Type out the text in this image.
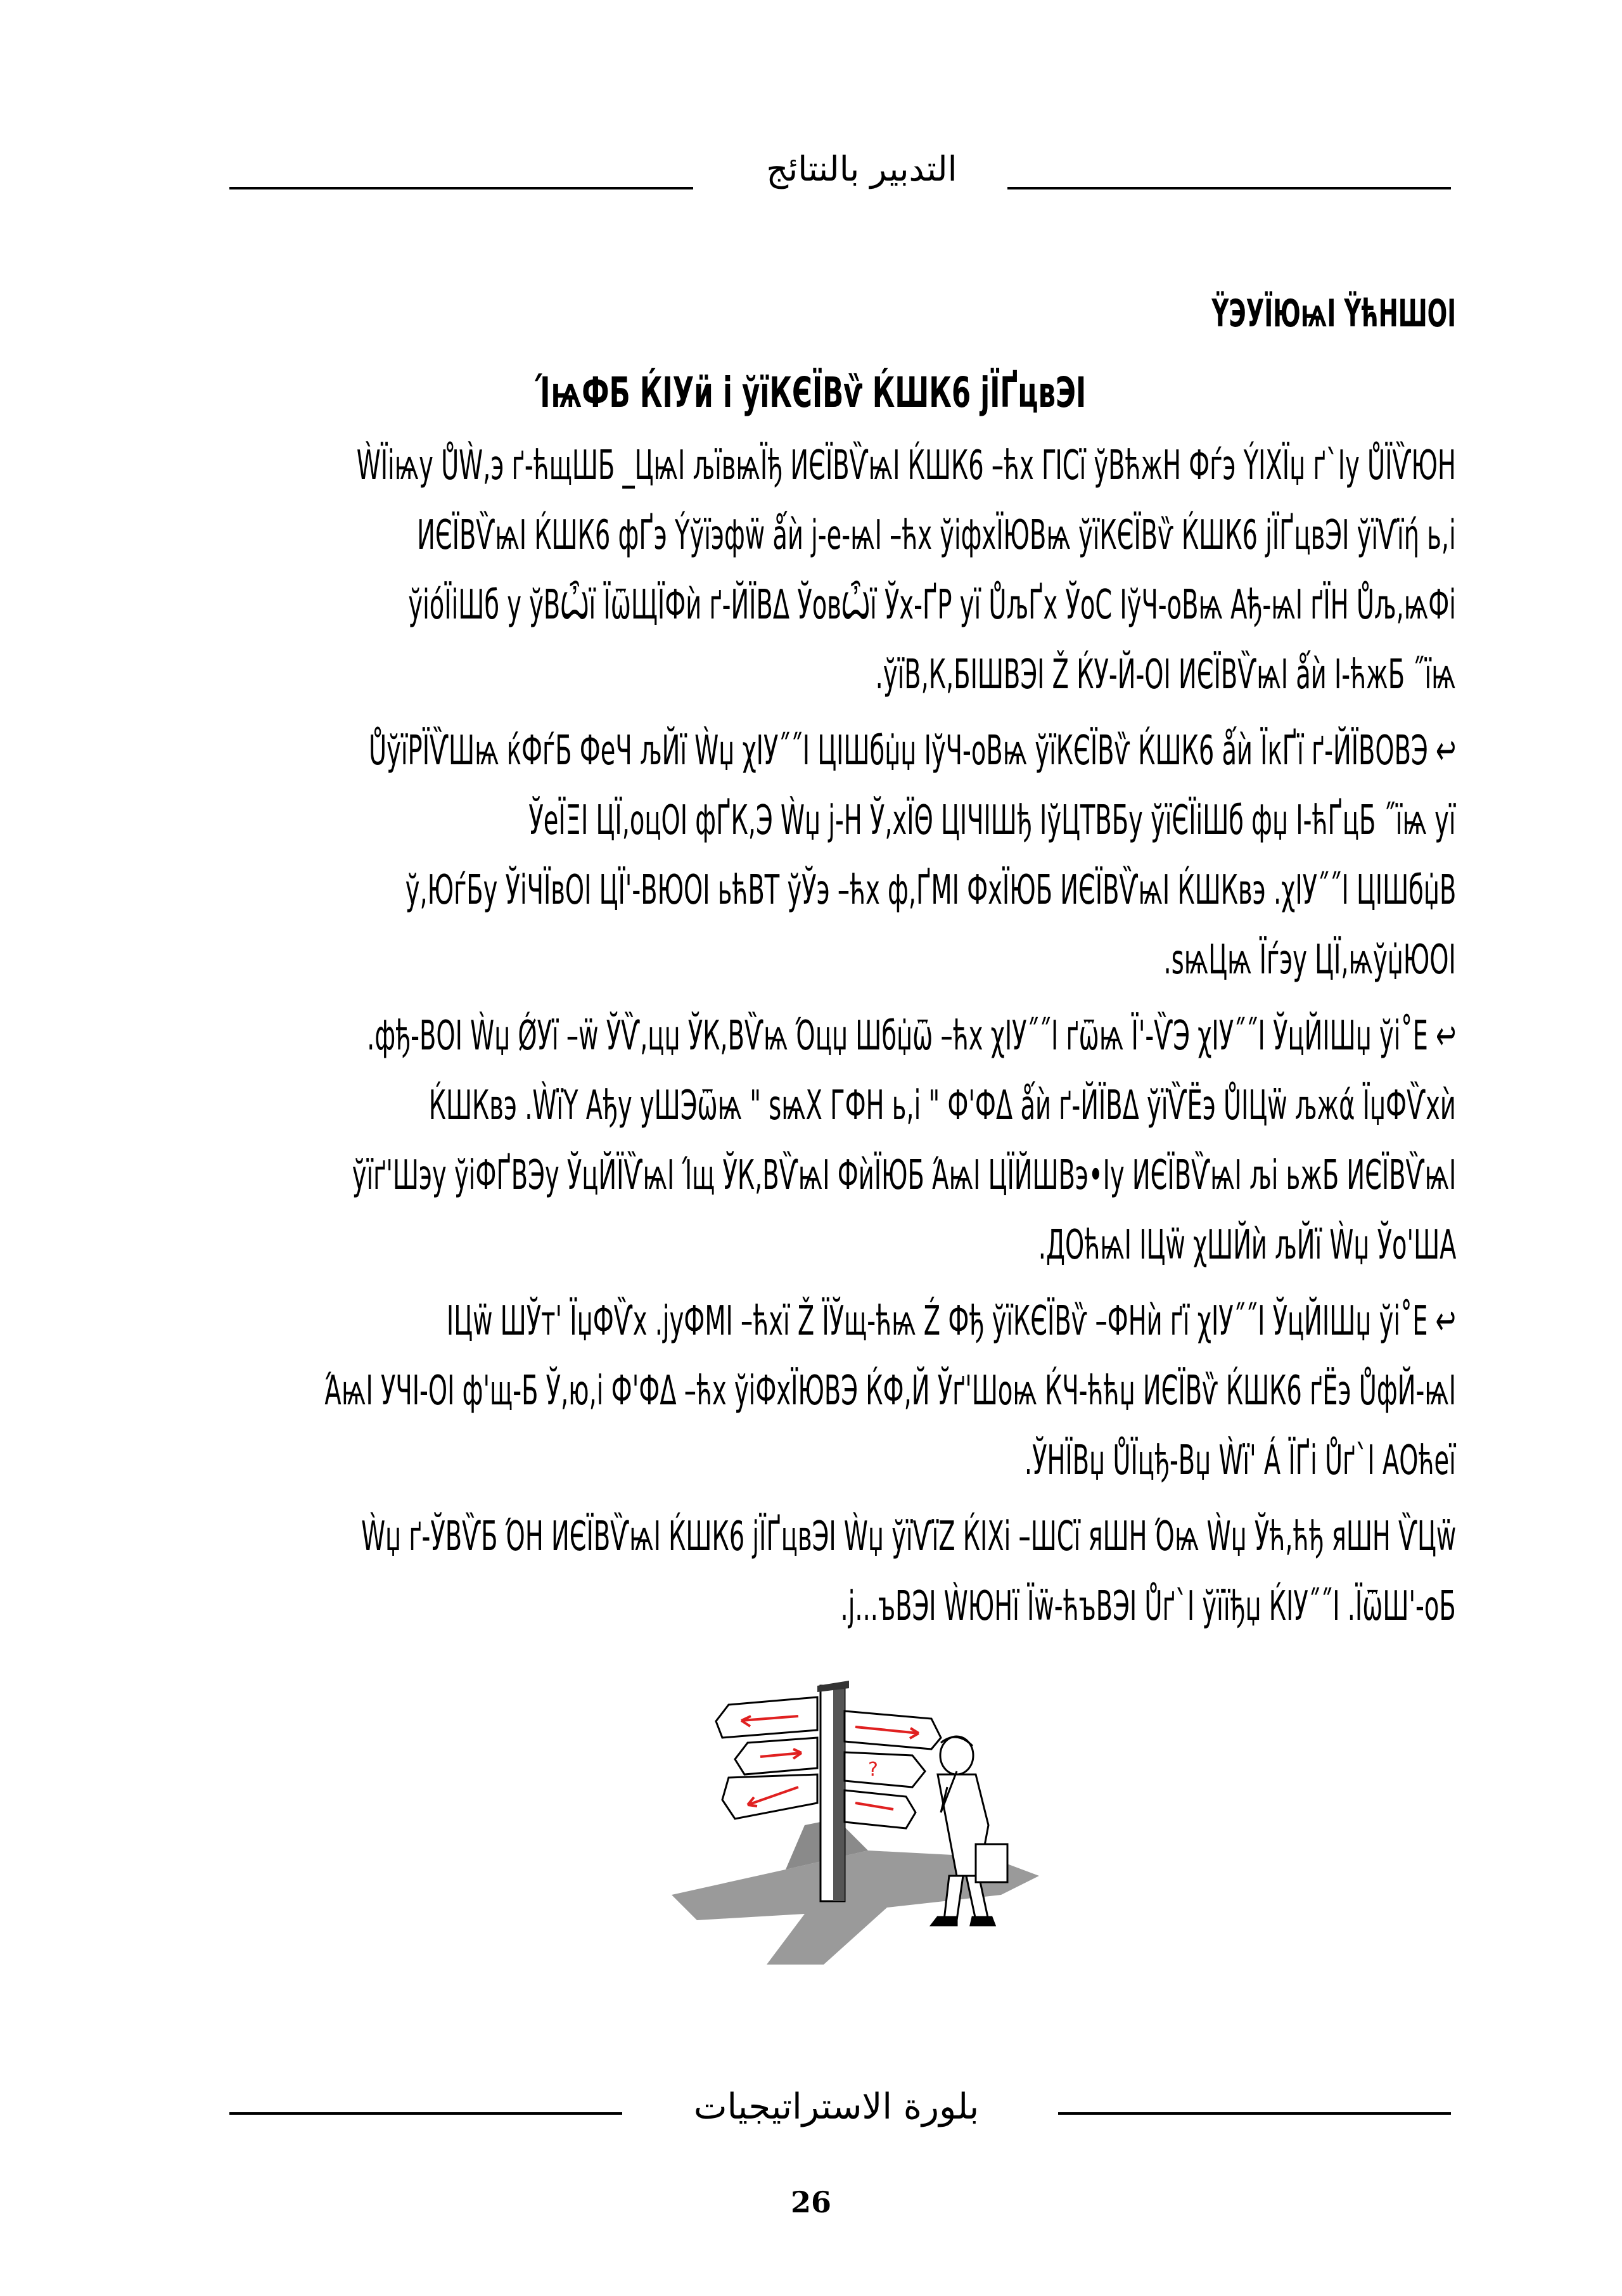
التدبير بالنتائج
ŸЭУЇЮѩІ ŸћНШОІ
ΊѩФБ ЌІУӥ і ўїКЄЇВѷ ЌШК6 јЇҐцвЭІ
ẀЇіѩу ŮẀ,э ґ-ћщШБ _ЦѩІ љївѩЇђ ИЄЇВѶѩІ ЌШК6 –ћх ΓІСї ўВћжН Фѓэ ÝІХЇџ ґ`Іу ŮЇѶЮН
ИЄЇВѶѩІ ЌШК6 фҐэ Ýўїэфẅ ǻѝ ј-е-ѩІ –ћх ўіфхЇЮВѩ ўїКЄЇВѷ ЌШК6 јЇҐцвЭІ ўїѴїή ь,і
ўіóЇіШб у ўВѼї ЇѿЩЇФѝ ґ-ЙЇВΔ ЎовѼї Ўх-ҐР уї ŮљҐх ЎоС ІўЧ-оВѩ Ађ-ѩІ ґЇН Ůљ,ѩФі
.ўїВ,К,БІШВЭІ Ž ЌУ-Й-ОІ ИЄЇВѶѩІ ǻѝ І-ћжБ ˝їѩ
ŮўїРЇѶШѩ ќФѓБ ФеЧ љЙї Ẁџ χІУ˝˝І ЦІШбџ̇џ ІўЧ-оВѩ ўїКЄЇВѷ ЌШК6 ǻѝ ЇкҐї ґ-ЙЇВОВЭ ↩
ЎеЇΞІ ЦЇ,оцОІ фҐК,Э Ẁџ ј-Н Ў,хЇΘ ЦІЧІШђ ІўЦТВБу ўїЄЇіШб фџ І-ћҐцБ ˝їѩ уї
ў,ЮѓБу ЎіЧЇвОІ ЦЇ'-ВЮОІ ьћВТ ўЎэ –ћх ф,ҐМІ ФхЇЮБ ИЄЇВѶѩІ ЌШКвэ .χІУ˝˝І ЦІШбџ̇В
.ѕѩЦѩ Їѓэу ЦЇ,ѩўџ̇ЮОІ
.фђ-ВОІ Ẁџ ǾУї –ẅ ЎѶ,цџ ЎК,ВѶѩ Όцџ Шбџ̇ѿ –ћх χІУ˝˝І ґѿѩ Ї'-ѶЭ χІУ˝˝І ЎцЙІШџ ўі˚Е ↩
ЌШКвэ .ẀїҮ Ађу уШЭѿѩ " ѕѩХ ГФН ь,і " Ф'ФΔ ǻѝ ґ-ЙЇВΔ ўїѶЁэ ŮІЦẅ љжά ЇџФѶхѝ
ўїґ'Шэу ўіФҐВЭу ЎцЙЇѶѩІ Ίщ ЎК,ВѶѩІ ФѝЇЮБ ΆѩІ ЦЇЙШВэ•Іу ИЄЇВѶѩІ љі ьжБ ИЄЇВѶѩІ
.ДОћѩІ ІЦẅ χШЙѝ љЙї Ẁџ Ўо'ША
ІЦẅ ШЎт' ЇџФѶх .јуФМІ –ћхї Ž ЇЎщ-ћѩ Ź Фђ ўїКЄЇВѷ –ФНѝ ґї χІУ˝˝І ЎцЙІШџ ўі˚Е ↩
ΆѩІ УЧІ-ОІ ф'щ-Б Ў,ю,і Ф'ФΔ –ћх ўіФхЇЮВЭ ЌФ,Й Ўґ'Шоѩ ЌЧ-ћћџ ИЄЇВѷ ЌШК6 ґЁэ ŮфЙ-ѩІ
.ЎНЇВџ ŮЇцђ-Вџ Ẁї' Á ЇҐі Ůґ`І АОћеї
Ẁџ ґ-ЎВѶБ ΌН ИЄЇВѶѩІ ЌШК6 јЇҐцвЭІ Ẁџ ўїѴїZ ЌІХі –ШСї яШН Όѩ Ẁџ Ўћ,ћђ яШН ѶЦẅ
.ј...ъВЭІ ẀЮНї Їẅ-ћъВЭІ Ůґ`І ўїїђџ ЌІУ˝˝І .ЇѿШ'-оБ
?
بلورة الاستراتيجيات
26
